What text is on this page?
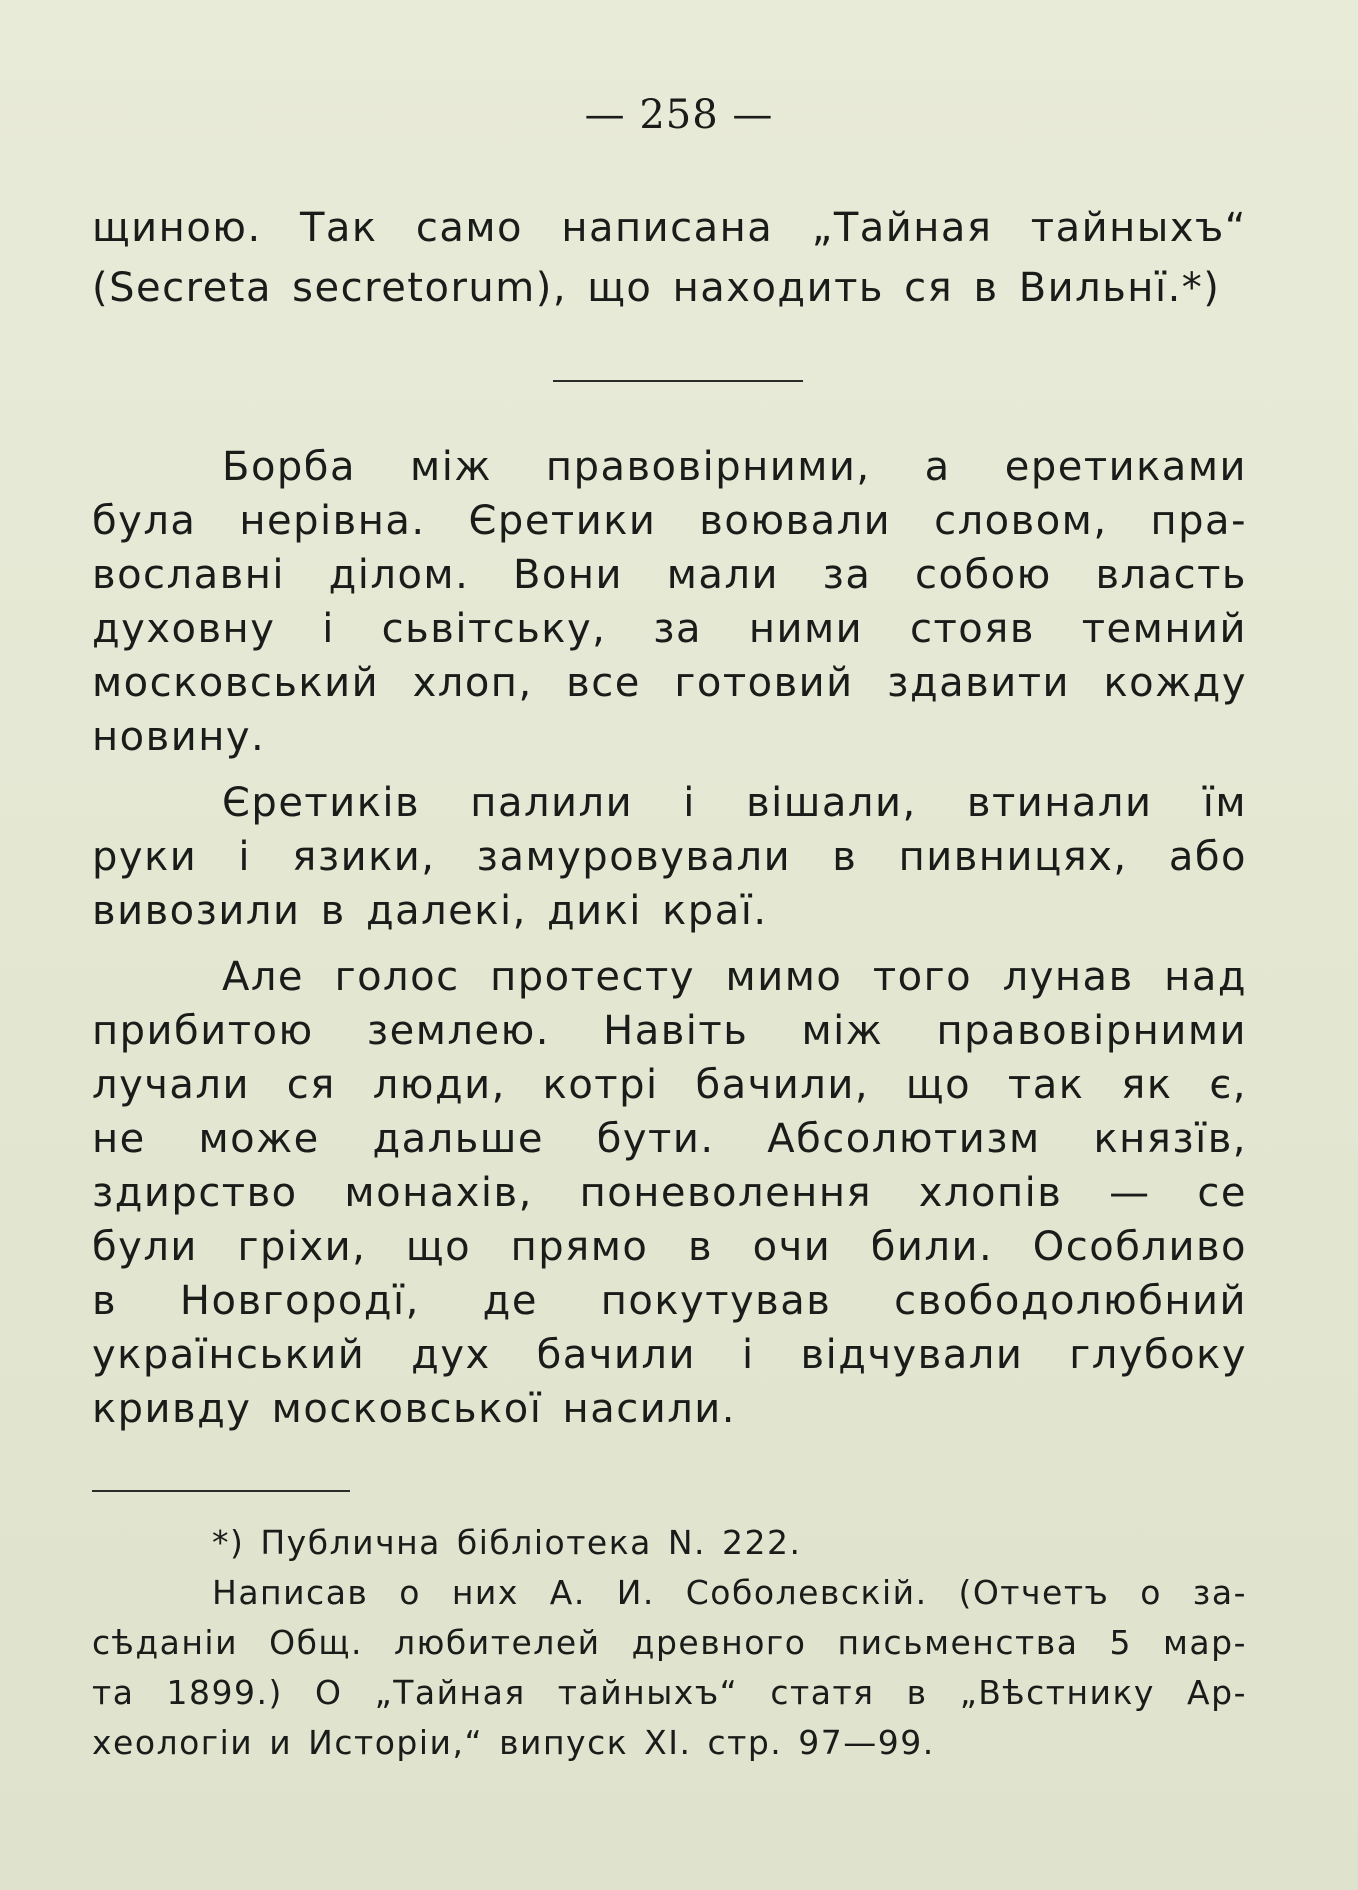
— 258 —
щиною. Так само написана „Тайная тайныхъ“
(Secreta secretorum), що находить ся в Вильнї.*)
Борба між правовірними, а еретиками
була нерівна. Єретики воювали словом, пра-
вославні ділом. Вони мали за собою власть
духовну і сьвітську, за ними стояв темний
московський хлоп, все готовий здавити кожду
новину.
Єретиків палили і вішали, втинали їм
руки і язики, замуровували в пивницях, або
вивозили в далекі, дикі краї.
Але голос протесту мимо того лунав над
прибитою землею. Навіть між правовірними
лучали ся люди, котрі бачили, що так як є,
не може дальше бути. Абсолютизм князїв,
здирство монахів, поневолення хлопів — се
були гріхи, що прямо в очи били. Особливо
в Новгородї, де покутував свободолюбний
український дух бачили і відчували глубоку
кривду московської насили.
*) Публична бібліотека N. 222.
Написав о них А. И. Соболевскій. (Отчетъ о за-
сѣданіи Общ. любителей древного письменства 5 мар-
та 1899.) О „Тайная тайныхъ“ статя в „Вѣстнику Ар-
хеологіи и Исторіи,“ випуск XI. стр. 97—99.
